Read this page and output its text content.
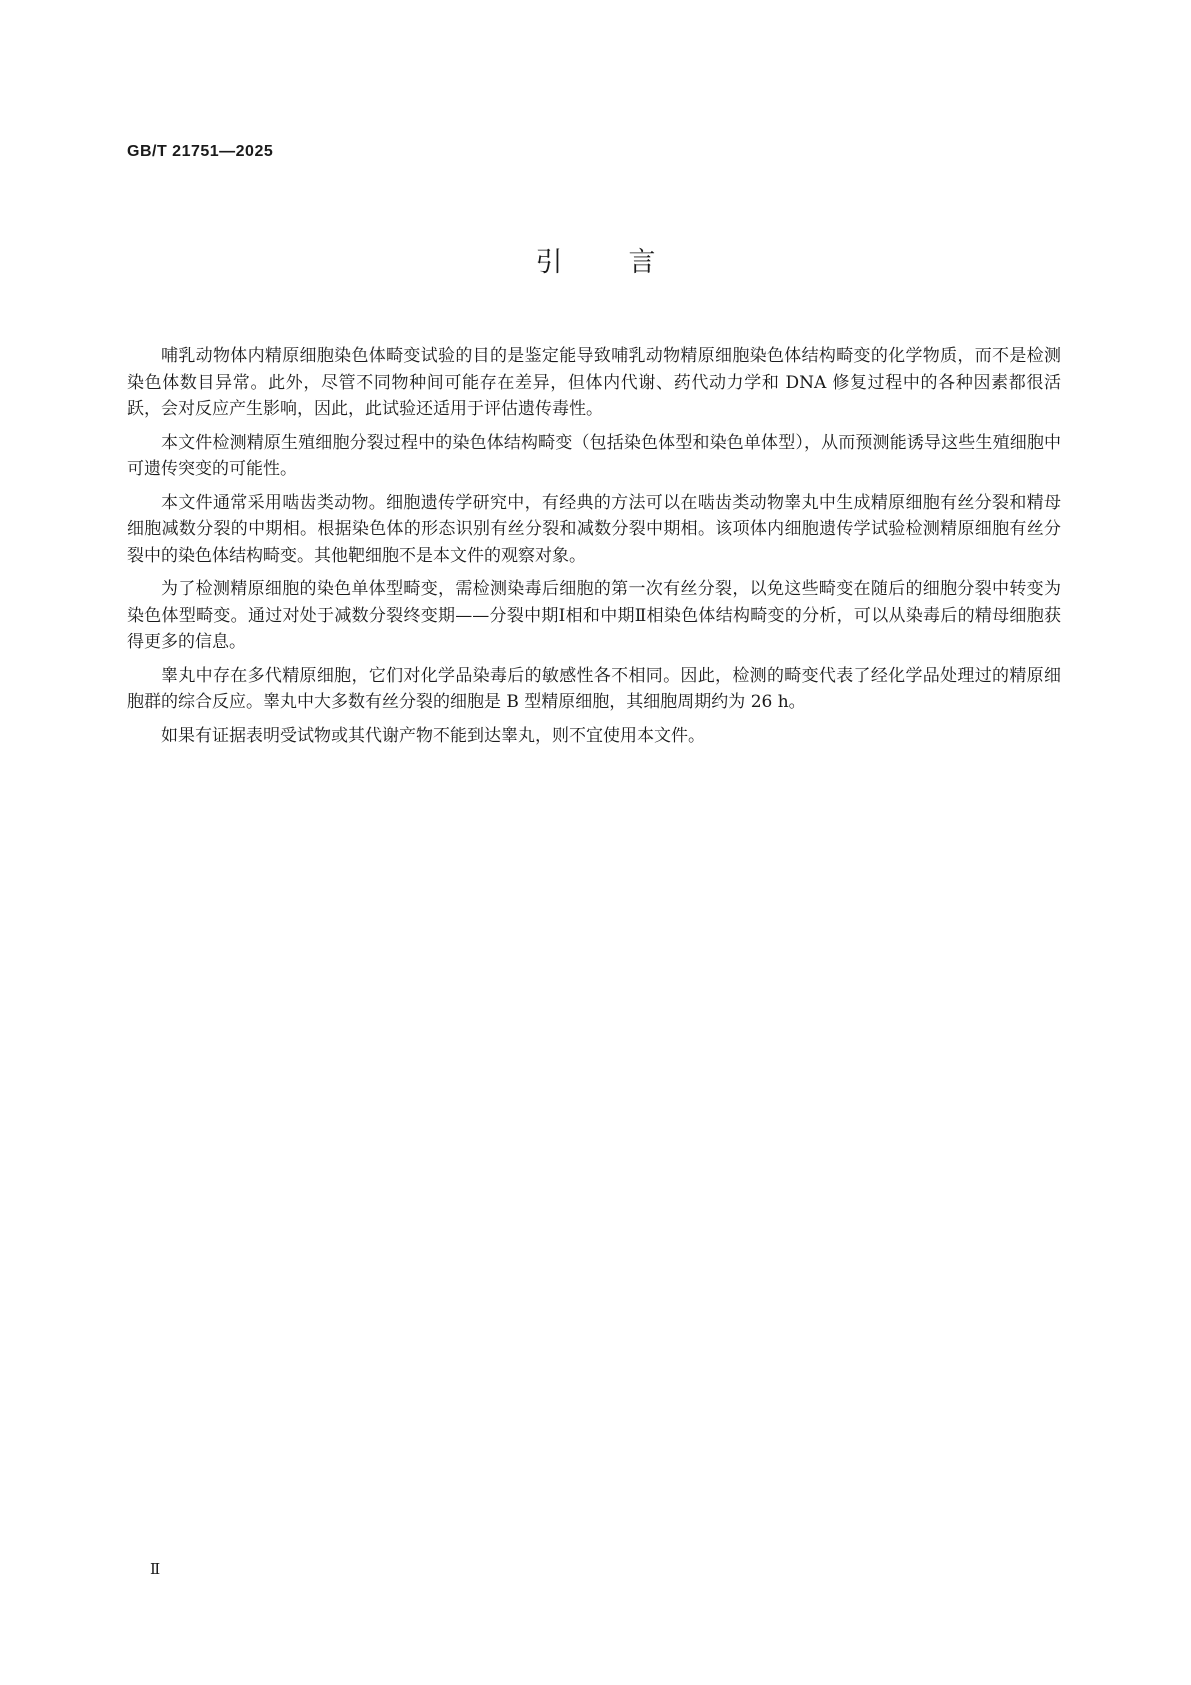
GB/T 21751—2025
引言

哺乳动物体内精原细胞染色体畸变试验的目的是鉴定能导致哺乳动物精原细胞染色体结构畸变的化学物质，而不是检测染色体数目异常。此外，尽管不同物种间可能存在差异，但体内代谢、药代动力学和 DNA 修复过程中的各种因素都很活跃，会对反应产生影响，因此，此试验还适用于评估遗传毒性。

本文件检测精原生殖细胞分裂过程中的染色体结构畸变（包括染色体型和染色单体型），从而预测能诱导这些生殖细胞中可遗传突变的可能性。

本文件通常采用啮齿类动物。细胞遗传学研究中，有经典的方法可以在啮齿类动物睾丸中生成精原细胞有丝分裂和精母细胞减数分裂的中期相。根据染色体的形态识别有丝分裂和减数分裂中期相。该项体内细胞遗传学试验检测精原细胞有丝分裂中的染色体结构畸变。其他靶细胞不是本文件的观察对象。

为了检测精原细胞的染色单体型畸变，需检测染毒后细胞的第一次有丝分裂，以免这些畸变在随后的细胞分裂中转变为染色体型畸变。通过对处于减数分裂终变期——分裂中期Ⅰ相和中期Ⅱ相染色体结构畸变的分析，可以从染毒后的精母细胞获得更多的信息。

睾丸中存在多代精原细胞，它们对化学品染毒后的敏感性各不相同。因此，检测的畸变代表了经化学品处理过的精原细胞群的综合反应。睾丸中大多数有丝分裂的细胞是 B 型精原细胞，其细胞周期约为 26 h。

如果有证据表明受试物或其代谢产物不能到达睾丸，则不宜使用本文件。

Ⅱ
